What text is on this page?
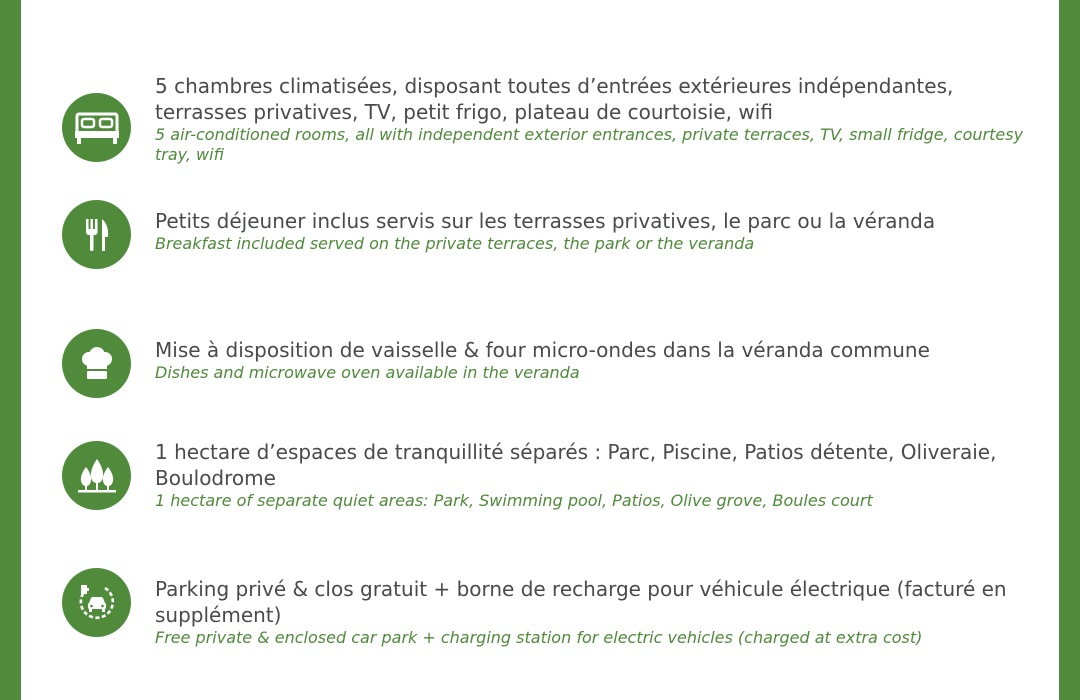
5 chambres climatisées, disposant toutes d’entrées extérieures indépendantes, terrasses privatives, TV, petit frigo, plateau de courtoisie, wifi

5 air-conditioned rooms, all with independent exterior entrances, private terraces, TV, small fridge, courtesy tray, wifi

Petits déjeuner inclus servis sur les terrasses privatives, le parc ou la véranda

Breakfast included served on the private terraces, the park or the veranda

Mise à disposition de vaisselle & four micro-ondes dans la véranda commune

Dishes and microwave oven available in the veranda

1 hectare d’espaces de tranquillité séparés : Parc, Piscine, Patios détente, Oliveraie, Boulodrome

1 hectare of separate quiet areas: Park, Swimming pool, Patios, Olive grove, Boules court

Parking privé & clos gratuit + borne de recharge pour véhicule électrique (facturé en supplément)

Free private & enclosed car park + charging station for electric vehicles (charged at extra cost)
